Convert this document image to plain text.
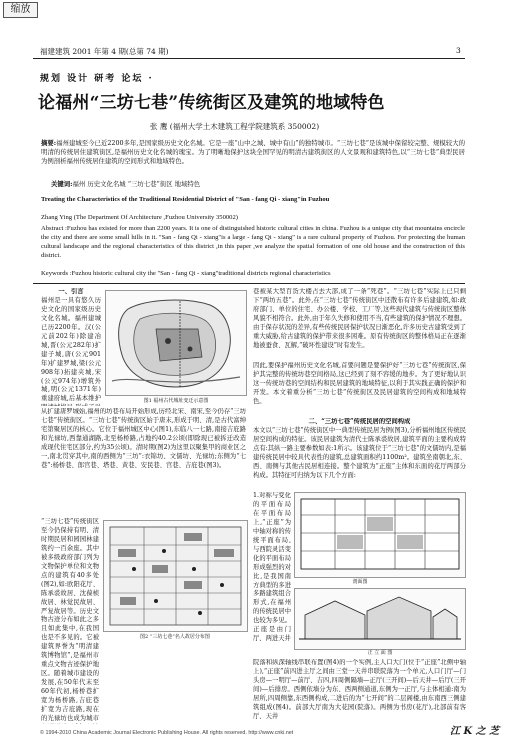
缩放
福建建筑 2001 年第 4 期(总第 74 期)	3
规划 设计 研考 论坛 ·
论福州“三坊七巷”传统街区及建筑的地域特色
张 鹰 (福州大学土木建筑工程学院建筑系 350002)
摘要:福州建城至今已近2200多年,是国家级历史文化名城。它是一座“山中之城、城中有山”的独特城市。“三坊七巷”是该城中保留较完整、规模较大的明清的传统居住建筑街区,是福州历史文化名城的瑰宝。为了明晰地保护这块全国罕见的明清古建筑街区的人文景观和建筑特色,以“三坊七巷”典型民居为例剖析福州传统居住建筑的空间形式和地域特色。
关键词:福州 历史文化名城 “三坊七巷”街区 地域特色
Treating the Characteristics of the Traditional Residential District of "San - fang Qi - xiang"in Fuzhou
Zhang Ying (The Department Of Architecture ,Fuzhou University 350002)
Abstract :Fuzhou has existed for more than 2200 years. It is one of distinguished historic cultural cities in china. Fuzhou is a unique city that mountains encircle the city and there are some small hills in it. "San - fang Qi - xiang"is a large - fang Qi - xiang" is a rare cultural property of Fuzhou. For protecting the human cultural landscape and the regional characteristics of this district ,in this paper ,we analyze the spatial formation of one old house and the construction of this district.
Keywords :Fuzhou historic cultural city the "San - fang Qi - xiang"traditional districts regional characteristics
一、引言
福州是一具有悠久历史文化的国家级历史文化名城。福州建城已历2200年。汉(公元前202年)除建冶城,晋(公元282年)扩建子城,唐(公元901年)扩建罗城,梁(公元908年)拓建夹城,宋(公元974年)增筑外城,明(公元1371年)重建府城,后基本维护	图1 福州古代城址变迁示意图
从扩建唐罗城始,福州的坊巷布局开始形成,历经北宋、南宋,至今仍存“三坊七巷”传统街区。“三坊七巷”传统街区始于唐末,形成于明、清,是古代富绅宅第聚居区的核心。它位于福州城区中心(图1),东临八一七路,南接吉庇路和光禄坊,西靠通湖路,北至杨桥路,占地约40.2公顷(即除现已被拆迁改造成现代住宅区部分,约为35公顷)。清时期(图2)为这里以聚集甲的商业区之一,南北贯穿其中,南的西侧为“三坊”:衣锦坊、文儒坊、光禄坊;东侧为“七巷”:杨桥巷、郎官巷、塔巷、黄巷、安民巷、宫巷、吉庇巷(图3)。
“三坊七巷”传统街区至今仍保持有明、清时期民居和园园林建筑约一百余座。其中被多级政府部门列为文物保护单位和文物点的建筑有40多处(图2),如:欧阳花厅、陈承裘故居、沈葆桢故居、林觉民故居、严复故居等。历史文物古迹分布如此之多且如此集中,在我国也是不多见的。它被建筑界誉为“明清建筑博物馆”,是福州市重点文物古迹保护地区。随着城市建设的发展,在50年代末至60年代初,杨桥巷扩宽为杨桥路,吉庇巷扩宽为吉庇路,现在的光禄坊也成为城市
图2 “三坊七巷”名人故居分布图
巷被某大型百货大楼占去大部,成了一条“死巷”。“三坊七巷”实际上已只剩下“两坊五巷”。此外,在“三坊七巷”传统街区中还散布有许多后建建筑,如:政府部门、单位的住宅、办公楼、学校、工厂等,这些现代建筑与传统街区整体风貌不相符合。此外,由于年久失修和使用不当,有些建筑的保护情况不理想。由于保存状况的差异,有些传统民居保护状况日渐恶化,许多历史古建筑受到了重大威胁,给古建筑的保护带来很多困难。原有传统街区的整体格局正在逐渐地被蚕食、瓦解,“破坏性建设”时有发生。
因此,要保护福州历史文化名城,首要问题是要保护好“三坊七巷”传统街区,保护其完整的传统坊巷空间格局,这已经到了刻不容缓的地步。为了更好地认识这一传统坊巷的空间结构和民居建筑的地域特征,以利于其实践正确的保护和开发。本文着重分析“三坊七巷”传统街区及民居建筑的空间构成和地域特色。
二、“三坊七巷”传统民居的空间构成
本文以“三坊七巷”传统街区中一典型传统民居为例(图3),分析福州地区传统民居空间构成的特征。该民居建筑为清代士陈承裘故居,建筑平面的主要构成特点有:其纵一路主要参数如表:1所示。该建筑位于“三坊七巷”的文儒坊内,是福建传统民居中较具代表性的建筑,总建筑面积约1100m²。建筑坐南朝北,东、西、南侧与其他古民居相连接。整个建筑为“正座”主体和东面的花厅两部分构成。其特征可归纳为以下几个方面:
1.对称与变化的平面布局 在平面布局上,“正座”为中轴对称的传统平面布局,与西院灵活变化的平面布局形成强烈的对比,是我国南方典型的多进多路建筑组合形式,在福州的传统民居中也较为多见。正座是由门厅、两进天井
剖面图
正 立 面 图
院落和纵深轴线串联布置(图4)的一个实例,主人口大门(位于“正座”北侧中轴上),“正座”前四进主厅之间由三堂一天井串联院落为一个单元,人口门厅—门头房—一明厅—前厅、吉四,四周侧隔墙—正厅(三开间)—后天井—后厅(三开间)—后排房。西侧依墙分为东、西两侧通道,东侧为一正厅,与主体相通:南为居所,四周侧靠,东西侧构成,二进后的为“七开间”的二层阁楼,由东南西三侧建筑组成(图4)。前部大厅南为大花园(院落)。两侧为书房(花厅),北部前有客厅、天井
© 1994-2010 China Academic Journal Electronic Publishing House. All rights reserved. http://www.cnki.net	江 K 之 芝
